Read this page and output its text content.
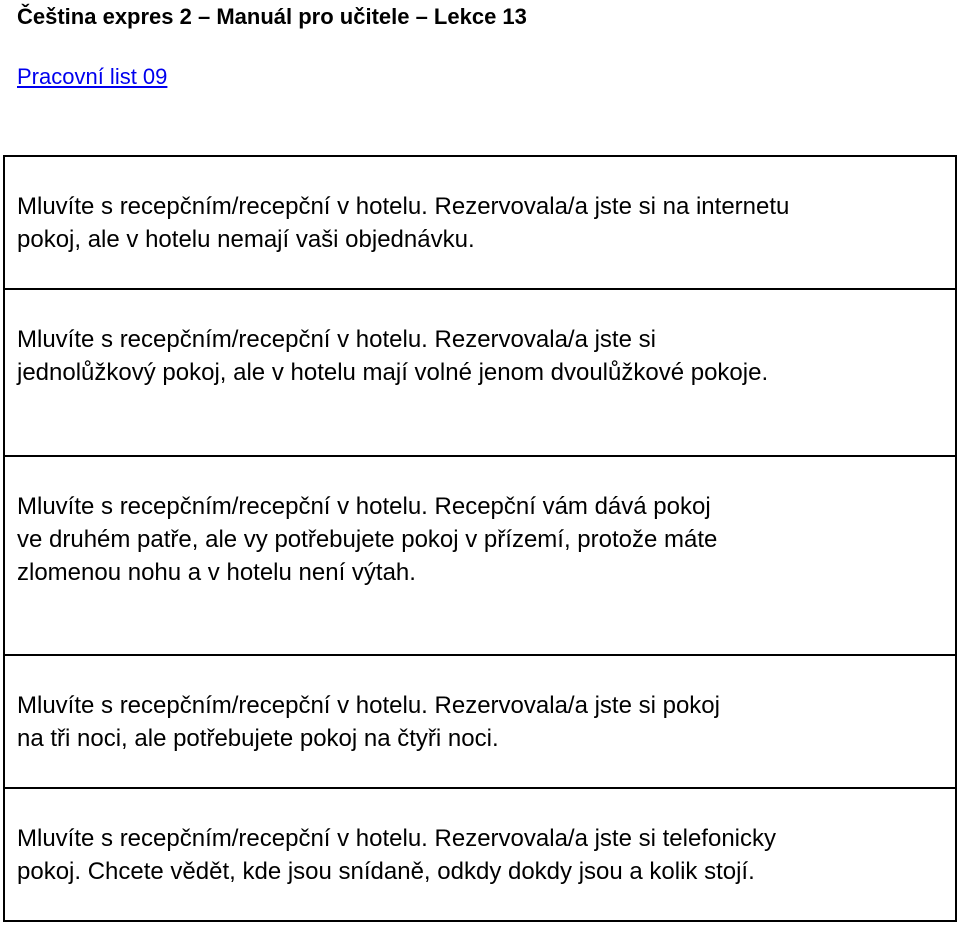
Čeština expres 2 – Manuál pro učitele – Lekce 13
Pracovní list 09
Mluvíte s recepčním/recepční v hotelu. Rezervovala/a jste si na internetu
pokoj, ale v hotelu nemají vaši objednávku.

Mluvíte s recepčním/recepční v hotelu. Rezervovala/a jste si
jednolůžkový pokoj, ale v hotelu mají volné jenom dvoulůžkové pokoje.

Mluvíte s recepčním/recepční v hotelu. Recepční vám dává pokoj
ve druhém patře, ale vy potřebujete pokoj v přízemí, protože máte
zlomenou nohu a v hotelu není výtah.

Mluvíte s recepčním/recepční v hotelu. Rezervovala/a jste si pokoj
na tři noci, ale potřebujete pokoj na čtyři noci.

Mluvíte s recepčním/recepční v hotelu. Rezervovala/a jste si telefonicky
pokoj. Chcete vědět, kde jsou snídaně, odkdy dokdy jsou a kolik stojí.
